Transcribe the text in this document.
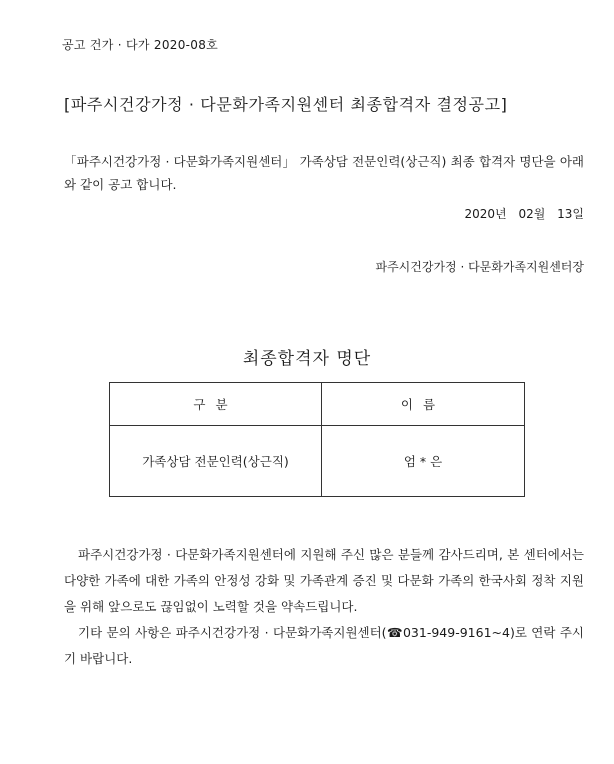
공고 건가 · 다가 2020-08호
[파주시건강가정 · 다문화가족지원센터 최종합격자 결정공고]
「파주시건강가정 · 다문화가족지원센터」 가족상담 전문인력(상근직) 최종 합격자 명단을 아래와 같이 공고 합니다.
2020년 02월 13일
파주시건강가정 · 다문화가족지원센터장
최종합격자 명단
구분	이름
가족상담 전문인력(상근직)	엄 * 은
파주시건강가정 · 다문화가족지원센터에 지원해 주신 많은 분들께 감사드리며, 본 센터에서는 다양한 가족에 대한 가족의 안정성 강화 및 가족관계 증진 및 다문화 가족의 한국사회 정착 지원을 위해 앞으로도 끊임없이 노력할 것을 약속드립니다.
기타 문의 사항은 파주시건강가정 · 다문화가족지원센터(☎031-949-9161~4)로 연락 주시기 바랍니다.
